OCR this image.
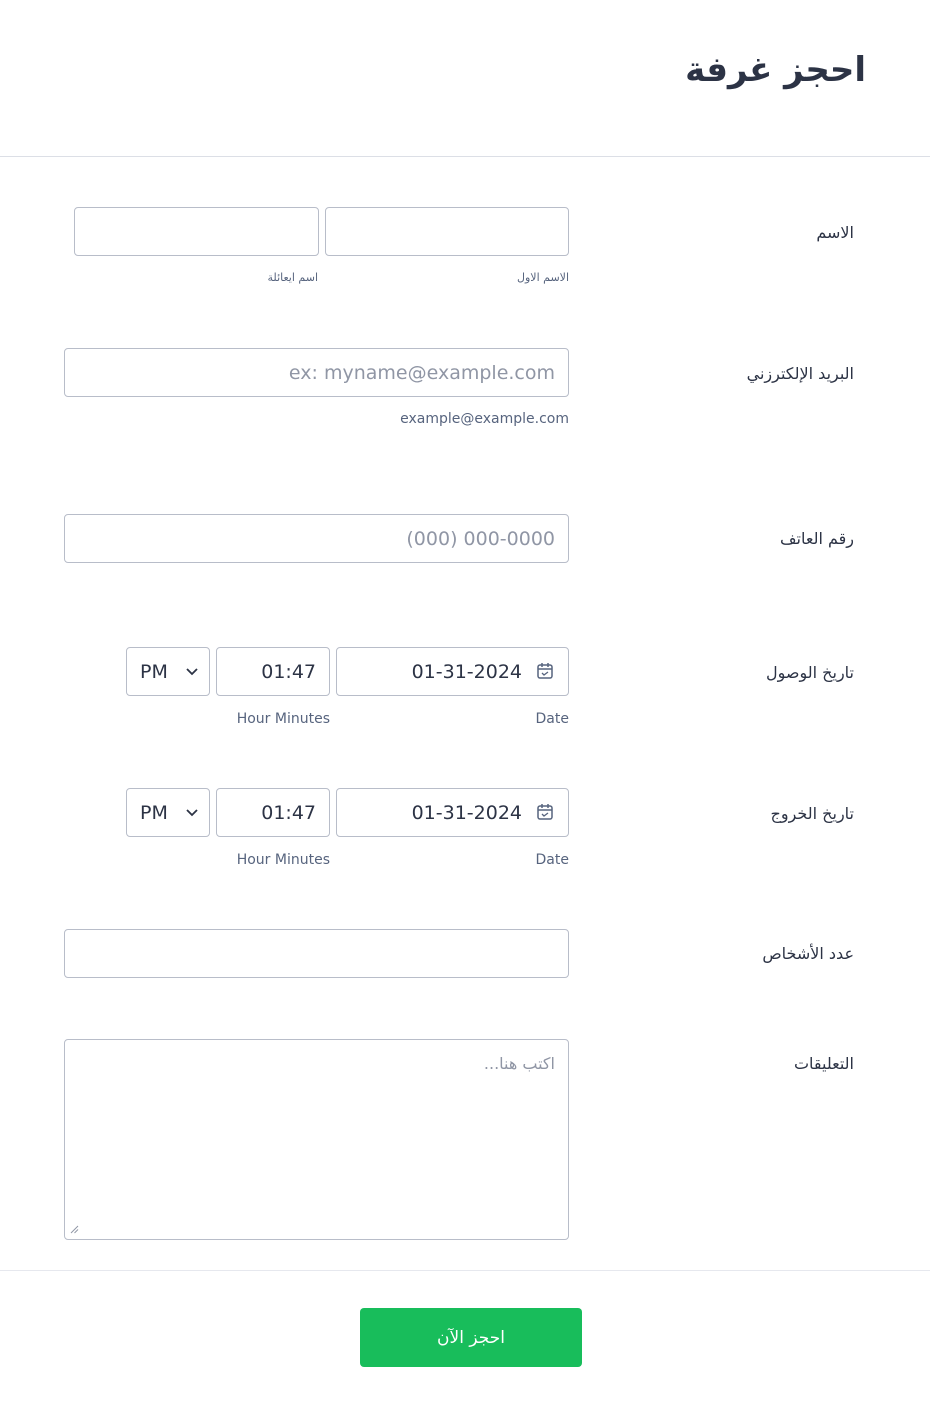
احجز غرفة
الاسم
الاسم الاول
اسم ايعائلة
البريد الإلكترزني
ex: myname@example.com
example@example.com
رقم العاتف
(000) 000-0000
تاريخ الوصول
01-31-2024
01:47
PM
Date
Hour Minutes
تاريخ الخروج
01-31-2024
01:47
PM
Date
Hour Minutes
عدد الأشخاص
التعليقات
اكتب هنا...
احجز الآن
